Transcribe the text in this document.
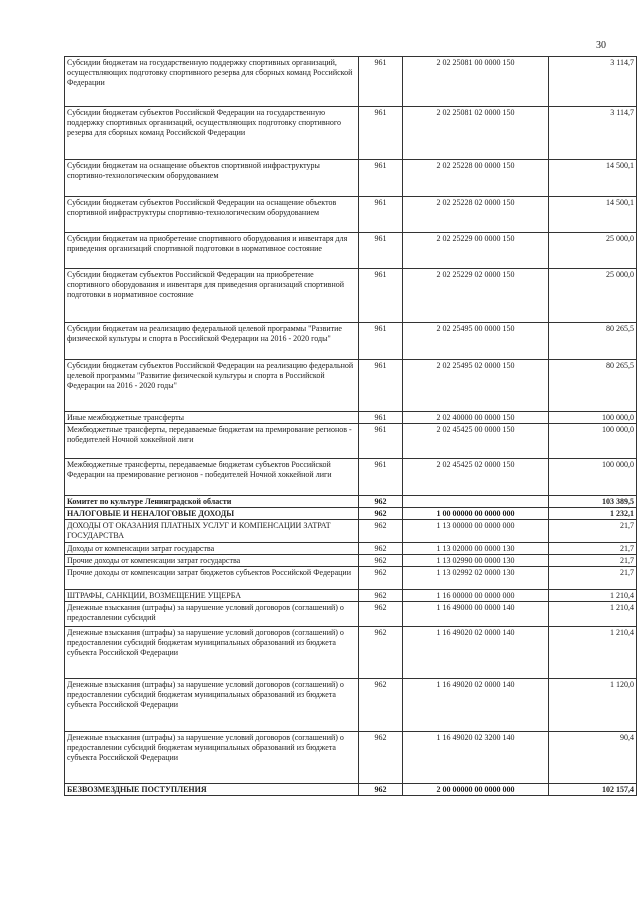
30
Субсидии бюджетам на государственную поддержку спортивных организаций, осуществляющих подготовку спортивного резерва для сборных команд Российской Федерации	961	2 02 25081 00 0000 150	3 114,7
Субсидии бюджетам субъектов Российской Федерации на государственную поддержку спортивных организаций, осуществляющих подготовку спортивного резерва для сборных команд Российской Федерации	961	2 02 25081 02 0000 150	3 114,7
Субсидии бюджетам на оснащение объектов спортивной инфраструктуры спортивно-технологическим оборудованием	961	2 02 25228 00 0000 150	14 500,1
Субсидии бюджетам субъектов Российской Федерации на оснащение объектов спортивной инфраструктуры спортивно-технологическим оборудованием	961	2 02 25228 02 0000 150	14 500,1
Субсидии бюджетам на приобретение спортивного оборудования и инвентаря для приведения организаций спортивной подготовки в нормативное состояние	961	2 02 25229 00 0000 150	25 000,0
Субсидии бюджетам субъектов Российской Федерации на приобретение спортивного оборудования и инвентаря для приведения организаций спортивной подготовки в нормативное состояние	961	2 02 25229 02 0000 150	25 000,0
Субсидии бюджетам на реализацию федеральной целевой программы "Развитие физической культуры и спорта в Российской Федерации на 2016 - 2020 годы"	961	2 02 25495 00 0000 150	80 265,5
Субсидии бюджетам субъектов Российской Федерации на реализацию федеральной целевой программы "Развитие физической культуры и спорта в Российской Федерации на 2016 - 2020 годы"	961	2 02 25495 02 0000 150	80 265,5
Иные межбюджетные трансферты	961	2 02 40000 00 0000 150	100 000,0
Межбюджетные трансферты, передаваемые бюджетам на премирование регионов - победителей Ночной хоккейной лиги	961	2 02 45425 00 0000 150	100 000,0
Межбюджетные трансферты, передаваемые бюджетам субъектов Российской Федерации на премирование регионов - победителей Ночной хоккейной лиги	961	2 02 45425 02 0000 150	100 000,0
Комитет по культуре Ленинградской области	962		103 389,5
НАЛОГОВЫЕ И НЕНАЛОГОВЫЕ ДОХОДЫ	962	1 00 00000 00 0000 000	1 232,1
ДОХОДЫ ОТ ОКАЗАНИЯ ПЛАТНЫХ УСЛУГ И КОМПЕНСАЦИИ ЗАТРАТ ГОСУДАРСТВА	962	1 13 00000 00 0000 000	21,7
Доходы от компенсации затрат государства	962	1 13 02000 00 0000 130	21,7
Прочие доходы от компенсации затрат государства	962	1 13 02990 00 0000 130	21,7
Прочие доходы от компенсации затрат бюджетов субъектов Российской Федерации	962	1 13 02992 02 0000 130	21,7
ШТРАФЫ, САНКЦИИ, ВОЗМЕЩЕНИЕ УЩЕРБА	962	1 16 00000 00 0000 000	1 210,4
Денежные взыскания (штрафы) за нарушение условий договоров (соглашений) о предоставлении субсидий	962	1 16 49000 00 0000 140	1 210,4
Денежные взыскания (штрафы) за нарушение условий договоров (соглашений) о предоставлении субсидий бюджетам муниципальных образований из бюджета субъекта Российской Федерации	962	1 16 49020 02 0000 140	1 210,4
Денежные взыскания (штрафы) за нарушение условий договоров (соглашений) о предоставлении субсидий бюджетам муниципальных образований из бюджета субъекта Российской Федерации	962	1 16 49020 02 0000 140	1 120,0
Денежные взыскания (штрафы) за нарушение условий договоров (соглашений) о предоставлении субсидий бюджетам муниципальных образований из бюджета субъекта Российской Федерации	962	1 16 49020 02 3200 140	90,4
БЕЗВОЗМЕЗДНЫЕ ПОСТУПЛЕНИЯ	962	2 00 00000 00 0000 000	102 157,4
